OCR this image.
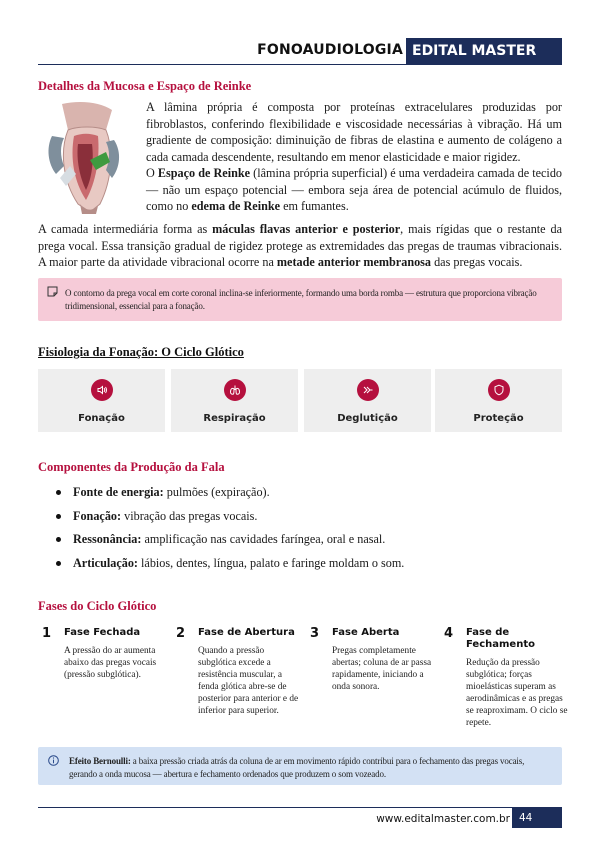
FONOAUDIOLOGIA EDITAL MASTER
Detalhes da Mucosa e Espaço de Reinke

A lâmina própria é composta por proteínas extracelulares produzidas por fibroblastos, conferindo flexibilidade e viscosidade necessárias à vibração. Há um gradiente de composição: diminuição de fibras de elastina e aumento de colágeno a cada camada descendente, resultando em menor elasticidade e maior rigidez.

O Espaço de Reinke (lâmina própria superficial) é uma verdadeira camada de tecido — não um espaço potencial — embora seja área de potencial acúmulo de fluidos, como no edema de Reinke em fumantes.

A camada intermediária forma as máculas flavas anterior e posterior, mais rígidas que o restante da prega vocal. Essa transição gradual de rigidez protege as extremidades das pregas de traumas vibracionais. A maior parte da atividade vibracional ocorre na metade anterior membranosa das pregas vocais.

O contorno da prega vocal em corte coronal inclina-se inferiormente, formando uma borda romba — estrutura que proporciona vibração tridimensional, essencial para a fonação.
Fisiologia da Fonação: O Ciclo Glótico
Fonação	Respiração	Deglutição	Proteção
Componentes da Produção da Fala
Fonte de energia: pulmões (expiração).
Fonação: vibração das pregas vocais.
Ressonância: amplificação nas cavidades faríngea, oral e nasal.
Articulação: lábios, dentes, língua, palato e faringe moldam o som.
Fases do Ciclo Glótico
1 Fase Fechada
A pressão do ar aumenta abaixo das pregas vocais (pressão subglótica).
2 Fase de Abertura
Quando a pressão subglótica excede a resistência muscular, a fenda glótica abre-se de posterior para anterior e de inferior para superior.
3 Fase Aberta
Pregas completamente abertas; coluna de ar passa rapidamente, iniciando a onda sonora.
4 Fase de Fechamento
Redução da pressão subglótica; forças mioelásticas superam as aerodinâmicas e as pregas se reaproximam. O ciclo se repete.
Efeito Bernoulli: a baixa pressão criada atrás da coluna de ar em movimento rápido contribui para o fechamento das pregas vocais, gerando a onda mucosa — abertura e fechamento ordenados que produzem o som vozeado.
www.editalmaster.com.br 44
